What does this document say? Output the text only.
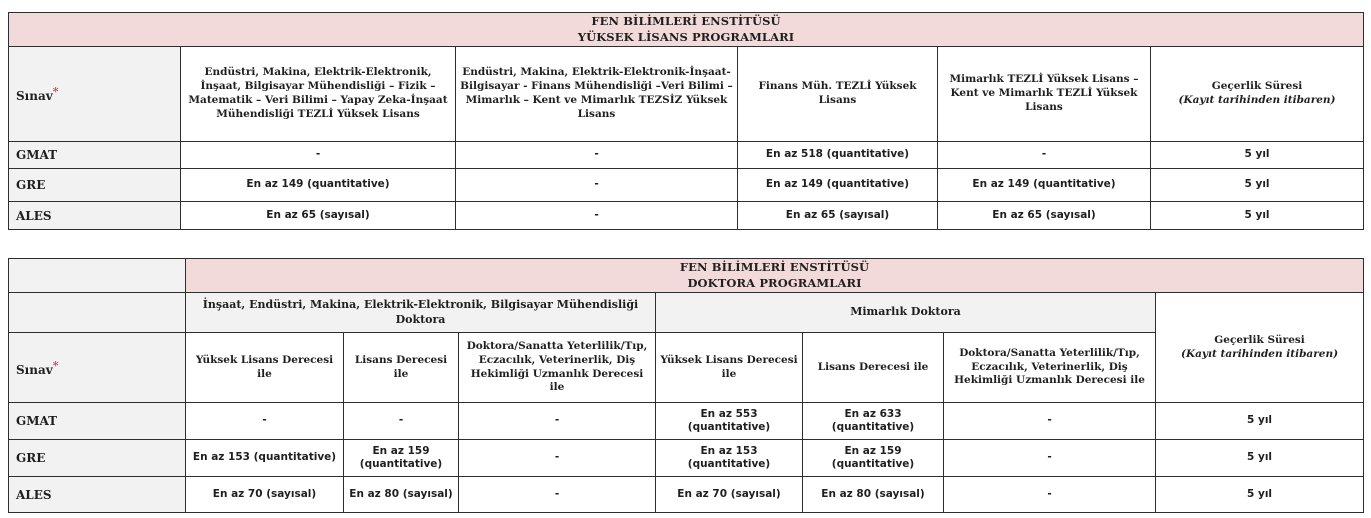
FEN BİLİMLERİ ENSTİTÜSÜ
YÜKSEK LİSANS PROGRAMLARI					

Sınav*	Endüstri, Makina, Elektrik-Elektronik, İnşaat, Bilgisayar Mühendisliği – Fizik – Matematik – Veri Bilimi – Yapay Zeka-İnşaat Mühendisliği TEZLİ Yüksek Lisans	Endüstri, Makina, Elektrik-Elektronik-İnşaat-Bilgisayar - Finans Mühendisliği –Veri Bilimi – Mimarlık – Kent ve Mimarlık TEZSİZ Yüksek Lisans	Finans Müh. TEZLİ Yüksek Lisans	Mimarlık TEZLİ Yüksek Lisans – Kent ve Mimarlık TEZLİ Yüksek Lisans	Geçerlik Süresi
(Kayıt tarihinden itibaren)

GMAT	-	-	En az 518 (quantitative)	-	5 yıl
GRE	En az 149 (quantitative)	-	En az 149 (quantitative)	En az 149 (quantitative)	5 yıl
ALES	En az 65 (sayısal)	-	En az 65 (sayısal)	En az 65 (sayısal)	5 yıl

	FEN BİLİMLERİ ENSTİTÜSÜ
DOKTORA PROGRAMLARI						

	İnşaat, Endüstri, Makina, Elektrik-Elektronik, Bilgisayar Mühendisliği Doktora			Mimarlık Doktora			Geçerlik Süresi
(Kayıt tarihinden itibaren)

Sınav*	Yüksek Lisans Derecesi ile	Lisans Derecesi ile	Doktora/Sanatta Yeterlilik/Tıp, Eczacılık, Veterinerlik, Diş Hekimliği Uzmanlık Derecesi ile	Yüksek Lisans Derecesi ile	Lisans Derecesi ile	Doktora/Sanatta Yeterlilik/Tıp, Eczacılık, Veterinerlik, Diş Hekimliği Uzmanlık Derecesi ile	
GMAT	-	-	-	En az 553 (quantitative)	En az 633 (quantitative)	-	5 yıl
GRE	En az 153 (quantitative)	En az 159 (quantitative)	-	En az 153 (quantitative)	En az 159 (quantitative)	-	5 yıl
ALES	En az 70 (sayısal)	En az 80 (sayısal)	-	En az 70 (sayısal)	En az 80 (sayısal)	-	5 yıl
